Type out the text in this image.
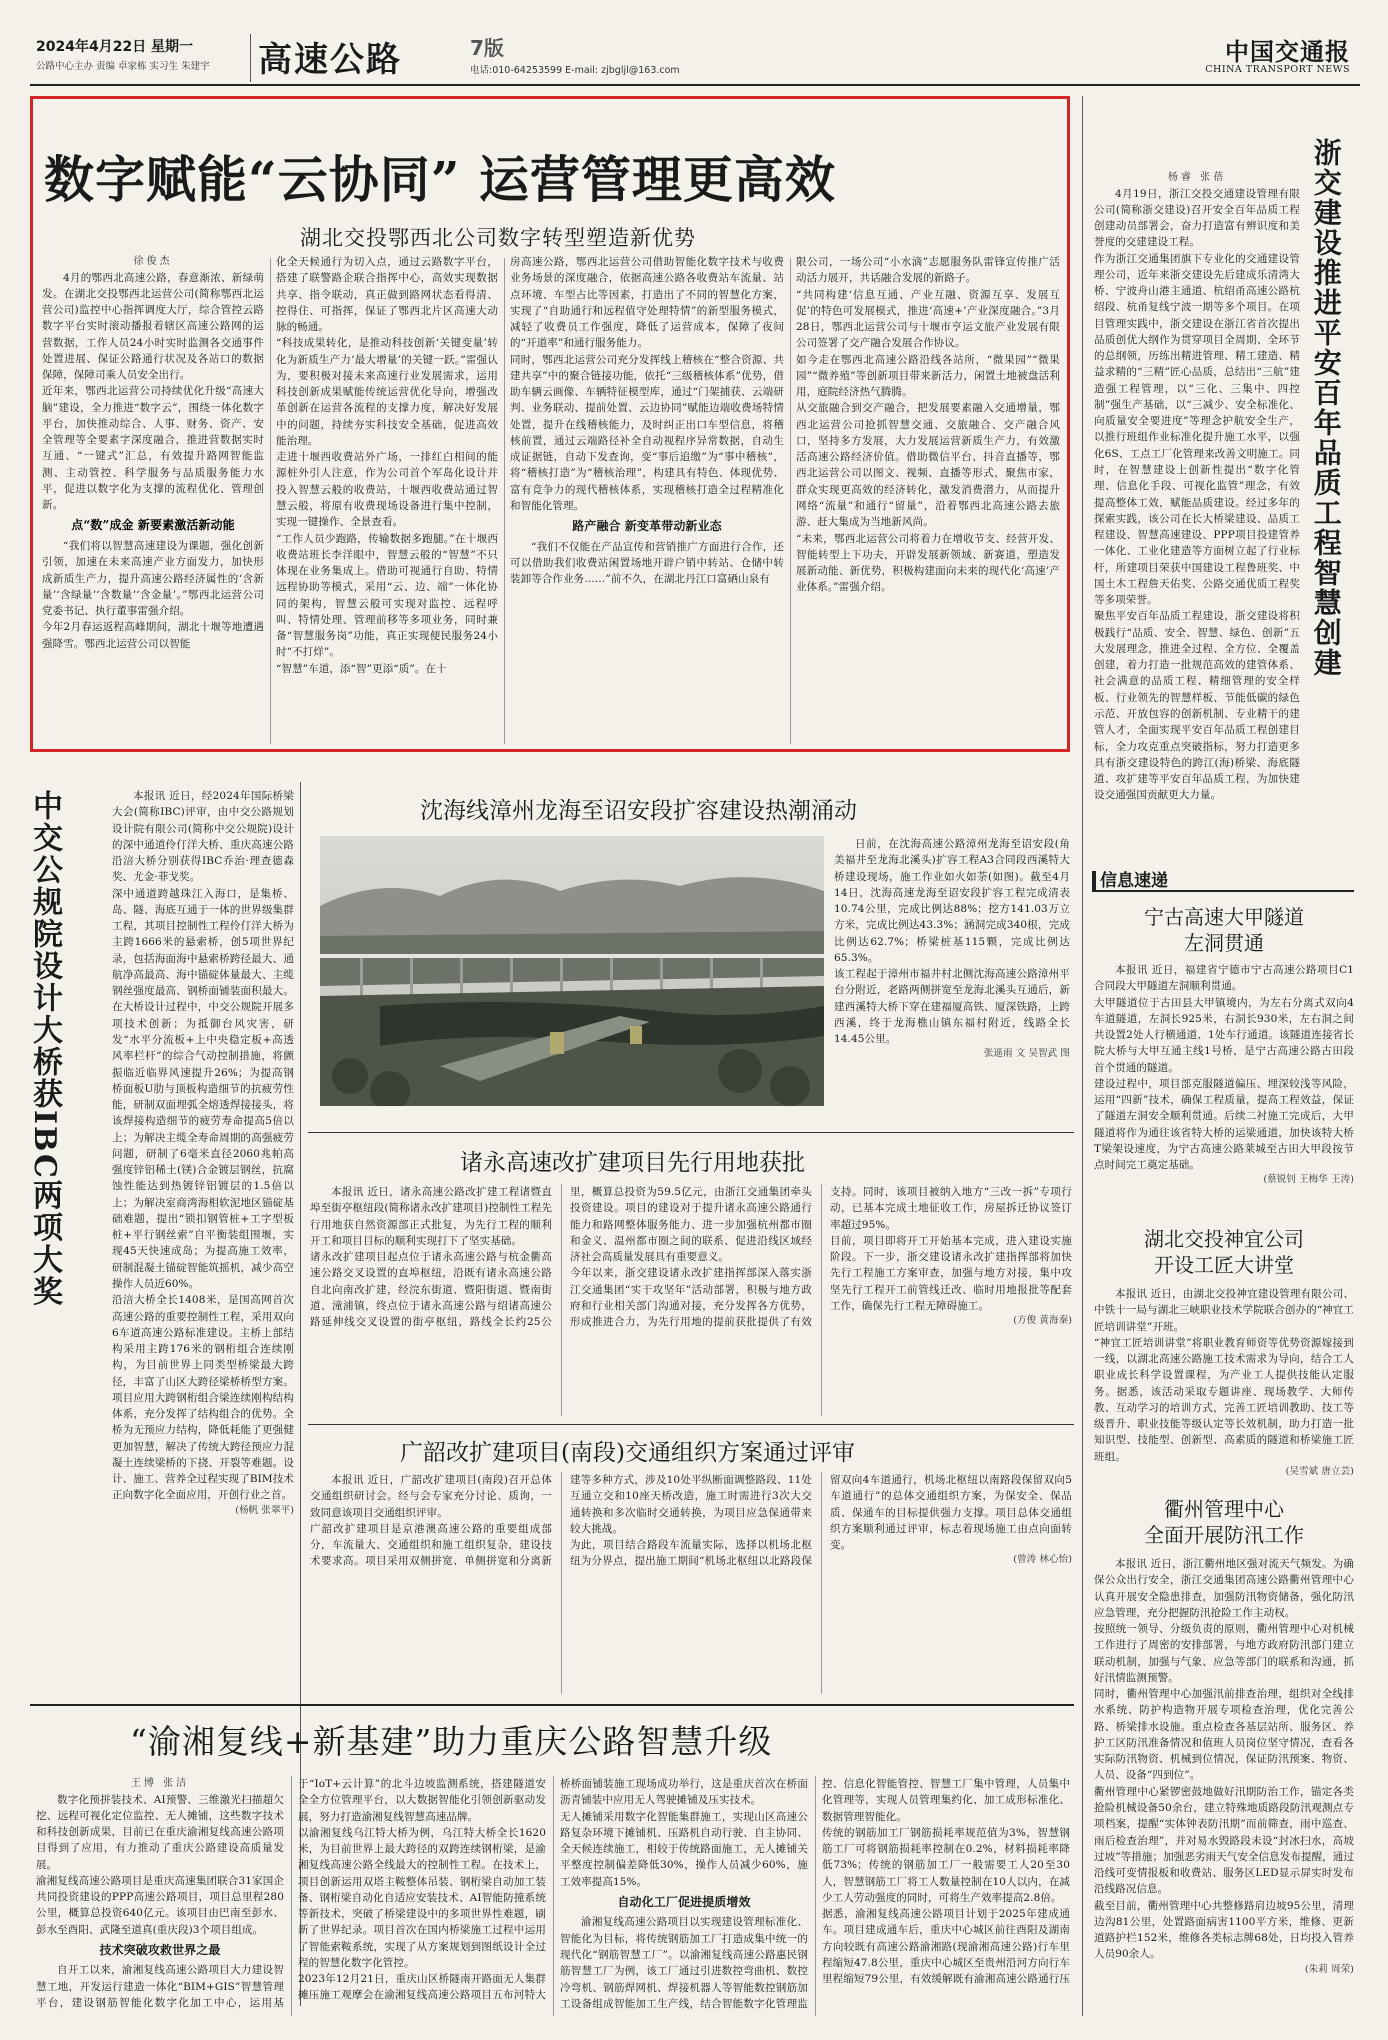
2024年4月22日 星期一
公路中心主办 责编 卓家栋 实习生 朱建宇 高速公路	7版
电话:010-64253599 E-mail: zjbgljl@163.com
中国交通报
CHINA TRANSPORT NEWS
数字赋能“云协同” 运营管理更高效
湖北交投鄂西北公司数字转型塑造新优势
徐俊杰

4月的鄂西北高速公路，春意渐浓、新绿萌发。在湖北交投鄂西北运营公司(简称鄂西北运营公司)监控中心指挥调度大厅，综合管控云路数字平台实时滚动播报着辖区高速公路网的运营数据，工作人员24小时实时监测各交通事件处置进展、保证公路通行状况及各站口的数据保障，保障司乘人员安全出行。
近年来，鄂西北运营公司持续优化升级“高速大脑”建设，全力推进“数字云”，围绕一体化数字平台，加快推动综合、人事、财务、资产、安全管理等全要素字深度融合，推进营数据实时互通、“一键式”汇总，有效提升路网智能监测、主动管控、科学服务与品质服务能力水平，促进以数字化为支撑的流程优化、管理创新。

点“数”成金 新要素激活新动能

“我们将以智慧高速建设为课题，强化创新引领，加速在未来高速产业方面发力，加快形成新质生产力，提升高速公路经济属性的‘含新量’‘含绿量’‘含数量’‘含金量’。”鄂西北运营公司党委书记、执行董事雷强介绍。
今年2月春运返程高峰期间，湖北十堰等地遭遇强降雪。鄂西北运营公司以智能

化全天候通行为切入点，通过云路数字平台，搭建了联警路企联合指挥中心，高效实现数据共享、指令联动，真正做到路网状态看得清、控得住、可指挥，保证了鄂西北片区高速大动脉的畅通。
“科技成果转化，是推动科技创新‘关键变量’转化为新质生产力‘最大增量’的关键一跃。”雷强认为，要积极对接未来高速行业发展需求，运用科技创新成果赋能传统运营优化导向，增强改革创新在运营各流程的支撑力度，解决好发展中的问题，持续夯实科技安全基础，促进高效能治理。
走进十堰西收费站外广场，一排红白相间的能源桩外引人注意，作为公司首个军岛化设计并投入智慧云般的收费站，十堰西收费站通过智慧云般，将原有收费现场设备进行集中控制，实现一键操作、全景查看。
“工作人员少跑路，传输数据多跑腿。”在十堰西收费站班长李洋眼中，智慧云般的“智慧”不只体现在业务集成上。借助可视通行自助、特情远程协助等模式，采用“云、边、端”一体化协同的架构，智慧云般可实现对监控、远程呼叫、特情处理、管理前移等多项业务，同时兼备“智慧服务岗”功能，真正实现便民服务24小时“不打烊”。
“智慧”车道，添“智”更添“质”。在十

房高速公路，鄂西北运营公司借助智能化数字技术与收费业务场景的深度融合，依据高速公路各收费站车流量、站点环境、车型占比等因素，打造出了不同的智慧化方案，实现了“自助通行和远程值守处理特情”的新型服务模式，减轻了收费员工作强度，降低了运营成本，保障了夜间的“开道率”和通行服务能力。
同时，鄂西北运营公司充分发挥线上稽核在“整合资源、共建共享”中的聚合链接功能，依托“三级稽核体系”优势，借助车辆云画像、车辆特征模型库，通过“门架捕获、云端研判、业务联动、提前处置、云边协同”赋能边端收费场特情处置，提升在线稽核能力，及时纠正出口车型信息，将稽核前置，通过云端路径补全自动视程序异常数据，自动生成证据链，自动下发查询，变“事后追缴”为“事中稽核”，将“稽核打造”为“稽核治理”，构建具有特色、体现优势、富有竞争力的现代稽核体系，实现稽核打造全过程精准化和智能化管理。

路产融合 新变革带动新业态

“我们不仅能在产品宣传和营销推广方面进行合作，还可以借助我们收费站闲置场地开辟户销中转站、仓储中转装卸等合作业务……”前不久，在湖北丹江口富硒山泉有

限公司，一场公司“小水滴”志愿服务队雷锋宣传推广活动活力展开，共话融合发展的新路子。
“共同构建‘信息互通、产业互融、资源互享、发展互促’的特色可发展模式，推进‘高速+’产业深度融合。”3月28日，鄂西北运营公司与十堰市亨运文旅产业发展有限公司签署了交产融合发展合作协议。
如今走在鄂西北高速公路沿线各站所，“微果园”“微果园”“微养殖”等创新项目带来新活力，闲置土地被盘活利用，庭院经济热气腾腾。
从交旅融合到交产融合，把发展要素融入交通增量，鄂西北运营公司抢抓智慧交通、交旅融合、交产融合风口，坚持多方发展，大力发展运营新质生产力，有效激活高速公路经济价值。借助微信平台、抖音直播等，鄂西北运营公司以图文、视频、直播等形式，聚焦市家，群众实现更高效的经济转化，激发消费潜力，从而提升网络“流量”和通行“留量”，沿着鄂西北高速公路去旅游、赶大集成为当地新风尚。
“未来，鄂西北运营公司将着力在增收节支、经营开发、智能转型上下功夫，开辟发展新领域、新赛道，塑造发展新动能、新优势，积极构建面向未来的现代化‘高速’产业体系。”雷强介绍。	浙交建设推进平安百年品质工程智慧创建
杨睿 张蓓

4月19日，浙江交投交通建设管理有限公司(简称浙交建设)召开安全百年品质工程创建动员部署会，奋力打造富有辨识度和美誉度的交建建设工程。
作为浙江交通集团旗下专业化的交通建设管理公司，近年来浙交建设先后建成乐清湾大桥、宁波舟山港主通道、杭绍甬高速公路杭绍段、杭甬复线宁波一期等多个项目。在项目管理实践中，浙交建设在浙江省首次提出品质创优大纲作为贯穿项目全周期、全环节的总纲领，历练出精进管理、精工建造、精益求精的“三精”匠心品质，总结出“三航”建造强工程管理，以“三化、三集中、四控制”强生产基础，以“三减少、安全标准化、向质量安全要进度”等理念护航安全生产，以推行班组作业标准化提升施工水平，以强化6S、工点工厂化管理来改善文明施工。同时，在智慧建设上创新性提出“数字化管理、信息化手段、可视化监管”理念，有效提高整体工效，赋能品质建设。经过多年的探索实践，该公司在长大桥梁建设、品质工程建设、智慧高速建设、PPP项目投建管养一体化、工业化建造等方面树立起了行业标杆，所建项目荣获中国建设工程鲁班奖、中国土木工程詹天佑奖、公路交通优质工程奖等多项荣誉。
聚焦平安百年品质工程建设，浙交建设将积极践行“品质、安全、智慧、绿色、创新”五大发展理念，推进全过程、全方位、全覆盖创建，着力打造一批规范高效的建管体系、社会满意的品质工程、精细管理的安全样板、行业领先的智慧样板、节能低碳的绿色示范、开放包容的创新机制、专业精干的建管人才，全面实现平安百年品质工程创建目标，全力攻克重点突破指标，努力打造更多具有浙交建设特色的跨江(海)桥梁、海底隧道、攻扩建等平安百年品质工程，为加快建设交通强国贡献更大力量。

信息速递
宁古高速大甲隧道
左洞贯通

本报讯 近日，福建省宁德市宁古高速公路项目C1合同段大甲隧道左洞顺利贯通。
大甲隧道位于古田县大甲镇境内，为左右分离式双向4车道隧道，左洞长925米，右洞长930米，左右洞之间共设置2处人行横通道、1处车行通道。该隧道连接省长院大桥与大甲互通主线1号桥，是宁古高速公路古田段首个贯通的隧道。
建设过程中，项目部克服隧道偏压、埋深较浅等风险，运用“四新”技术，确保工程质量，提高工程效益，保证了隧道左洞安全顺利贯通。后续二衬施工完成后，大甲隧道将作为通往该省特大桥的运梁通道，加快该特大桥T梁架设速度，为宁古高速公路莱城至古田大甲段按节点时间完工奠定基础。

(蔡锐钊 王梅华 王涛)
湖北交投神宜公司
开设工匠大讲堂

本报讯 近日，由湖北交投神宜建设管理有限公司、中铁十一局与湖北三峡职业技术学院联合创办的“神宜工匠培训讲堂”开班。
“神宜工匠培训讲堂”将职业教育师资等优势资源嫁接到一线，以湖北高速公路施工技术需求为导向，结合工人职业成长科学设置课程，为产业工人提供技能认定服务。据悉，该活动采取专题讲座、现场教学、大师传教、互动学习的培训方式，完善工匠培训教助、技工等级晋升、职业技能等级认定等长效机制，助力打造一批知识型、技能型、创新型、高素质的隧道和桥梁施工匠班组。

(吴雪斌 唐立芸)
衢州管理中心
全面开展防汛工作

本报讯 近日，浙江衢州地区强对流天气频发。为确保公众出行安全，浙江交通集团高速公路衢州管理中心认真开展安全隐患排查，加强防汛物资储备，强化防汛应急管理，充分把握防汛抢险工作主动权。
按照统一领导、分级负责的原则，衢州管理中心对机械工作进行了周密的安排部署，与地方政府防汛部门建立联动机制，加强与气象、应急等部门的联系和沟通，抓好汛情监测预警。
同时，衢州管理中心加强汛前排查治理，组织对全线排水系统、防护构造物开展专项检查治理，优化完善公路、桥梁排水设施。重点检查各基层站所、服务区、养护工区防汛准备情况和值班人员岗位坚守情况，查看各实际防汛物资、机械到位情况，保证防汛预案、物资、人员、设备“四到位”。
衢州管理中心紧锣密鼓地做好汛期防治工作，锚定各类抢险机械设备50余台，建立特殊地质路段防汛观测点专项档案，提醒“实体钟表防汛期”而前筛查，雨中巡查、雨后检查治理”，并对易水毁路段未设“封冰扫水，高坡过坡”等措施；加强恶劣雨天气安全信息发布提醒，通过沿线可变情报板和收费站、服务区LED显示屏实时发布沿线路况信息。
截至目前，衢州管理中心共整修路肩边坡95公里，清理边沟81公里，处置路面病害1100平方米，维修、更新道路护栏152米，维修各类标志牌68处，日均投入管养人员90余人。

(朱莉 周荣)
中交公规院设计大桥获IBC两项大奖	本报讯 近日，经2024年国际桥梁大会(简称IBC)评审，由中交公路规划设计院有限公司(简称中交公规院)设计的深中通道伶仃洋大桥、重庆高速公路沿涪大桥分别获得IBC乔治·理查德森奖、尤金·菲戈奖。
深中通道跨越珠江入海口，是集桥、岛、隧、海底互通于一体的世界级集群工程，其项目控制性工程伶仃洋大桥为主跨1666米的悬索桥，创5项世界纪录，包括海面海中悬索桥跨径最大、通航净高最高、海中锚碇体量最大、主缆钢丝强度最高、钢桥面铺装面积最大。在大桥设计过程中，中交公规院开展多项技术创新；为抵御台风灾害，研发“水平分流板+上中央稳定板+高透风率栏杆”的综合气动控制措施，将颤振临近临界风速提升26%；为提高钢桥面板U肋与顶板构造细节的抗疲劳性能，研制双面埋弧全熔透焊接接头，将该焊接构造细节的疲劳寿命提高5倍以上；为解决主缆全寿命周期的高强疲劳问题，研制了6毫米直径2060兆帕高强度锌铝稀土(镁)合金镀层钢丝，抗腐蚀性能达到热镀锌铝镀层的1.5倍以上；为解决室商湾海相软泥地区锚碇基础难题，提出“锁扣钢管桩+工字型板桩+平行钢丝索”自平衡装组围堰，实现45天快速成岛；为提高施工效率，研制混凝土锚碇智能筑摇机，减少高空操作人员近60%。
沿涪大桥全长1408米，是国高网首次高速公路的重要控制性工程，采用双向6车道高速公路标准建设。主桥上部结构采用主跨176米的钢桁组合连续刚构，为目前世界上同类型桥梁最大跨径，丰富了山区大跨径梁桥桥型方案。项目应用大跨钢桁组合梁连续刚构结构体系，充分发挥了结构组合的优势。全桥为无预应力结构，降低耗能了更强健更加智慧，解决了传统大跨径预应力混凝土连续梁桥的下挠、开裂等难题。设计、施工、营养全过程实现了BIM技术正向数字化全面应用，开创行业之首。

(杨帆 张翠平)
沈海线漳州龙海至诏安段扩容建设热潮涌动

日前，在沈海高速公路漳州龙海至诏安段(角美福井至龙海北溪头)扩容工程A3合同段西溪特大桥建设现场，施工作业如火如荼(如图)。截至4月14日，沈海高速龙海至诏安段扩容工程完成清表10.74公里，完成比例达88%；挖方141.03万立方米，完成比例达43.3%；涵洞完成340根，完成比例达62.7%；桥梁桩基115颗，完成比例达65.3%。
该工程起于漳州市福井村北侧沈海高速公路漳州平台分附近，老路两侧拼宽至龙海北溪头互通后，新建西溪特大桥下穿在建福厦高铁、厦深铁路，上跨西溪，终于龙海樵山镇东福村附近，线路全长14.45公里。

张遥雨 文 吴智武 图
诸永高速改扩建项目先行用地获批

本报讯 近日，诸永高速公路改扩建工程诸暨直埠至街亭枢纽段(简称诸永改扩建项目)控制性工程先行用地获自然资源部正式批复，为先行工程的顺利开工和项目目标的顺利实现打下了坚实基础。
诸永改扩建项目起点位于诸永高速公路与杭金衢高速公路交叉设置的直埠枢纽，沿既有诸永高速公路自北向南改扩建，经浣东街道、暨阳街道、暨南街道、潼浦镇，终点位于诸永高速公路与绍诸高速公路延伸线交叉设置的街亭枢纽，路线全长约25公里，概算总投资为59.5亿元，由浙江交通集团牵头投资建设。项目的建设对于提升诸永高速公路通行能力和路网整体服务能力、进一步加强杭州都市圈和金义、温州都市圈之间的联系、促进沿线区域经济社会高质量发展具有重要意义。
今年以来，浙交建设诸永改扩建指挥部深入落实浙江交通集团“实干攻坚年”活动部署，积极与地方政府和行业相关部门沟通对接，充分发挥各方优势，形成推进合力，为先行用地的提前获批提供了有效支持。同时，该项目被纳入地方“三改一拆”专项行动，已基本完成土地征收工作，房屋拆迁协议签订率超过95%。
目前，项目即将开工开始基本完成，进入建设实施阶段。下一步，浙交建设诸永改扩建指挥部将加快先行工程施工方案审查，加强与地方对接，集中攻坚先行工程开工前管线迁改、临时用地报批等配套工作，确保先行工程无障碍施工。

(方俊 黄海秦)
广韶改扩建项目(南段)交通组织方案通过评审

本报讯 近日，广韶改扩建项目(南段)召开总体交通组织研讨会。经与会专家充分讨论、质询，一致同意该项目交通组织评审。
广韶改扩建项目是京港澳高速公路的重要组成部分，车流量大、交通组织和施工组织复杂，建设技术要求高。项目采用双侧拼宽、单侧拼宽和分离新建等多种方式，涉及10处平纵断面调整路段、11处互通立交和10座天桥改造，施工时需进行3次大交通转换和多次临时交通转换，为项目应急保通带来较大挑战。
为此，项目结合路段车流量实际，选择以机场北枢纽为分界点，提出施工期间“机场北枢纽以北路段保留双向4车道通行，机场北枢纽以南路段保留双向5车道通行”的总体交通组织方案，为保安全、保品质、保通车的目标提供强力支撑。项目总体交通组织方案顺利通过评审，标志着现场施工由点向面转变。

(曾涛 林心怡)
“渝湘复线+新基建”助力重庆公路智慧升级
王博 张洁

数字化预拼装技术、AI预警、三维激光扫描超欠挖、远程可视化定位监控、无人摊铺，这些数字技术和科技创新成果，目前已在重庆渝湘复线高速公路项目得到了应用，有力推动了重庆公路建设高质量发展。
渝湘复线高速公路项目是重庆高速集团联合31家国企共同投资建设的PPP高速公路项目，项目总里程280公里，概算总投资640亿元。该项目由巴南至彭水、彭水至酉阳、武隆至道真(重庆段)3个项目组成。

技术突破攻救世界之最

自开工以来，渝湘复线高速公路项目大力建设智慧工地，开发运行建造一体化“BIM+GIS”智慧管理平台，建设钢筋智能化数字化加工中心，运用基于“IoT+云计算”的北斗边坡监测系统，搭建隧道安全全方位管理平台，以大数据智能化引领创新驱动发展，努力打造渝湘复线智慧高速品牌。
以渝湘复线乌江特大桥为例，乌江特大桥全长1620米，为目前世界上最大跨径的双跨连续钢桁梁，是渝湘复线高速公路全线最大的控制性工程。在技术上，项目创新运用双塔主鞍整体吊装、钢桁梁自动加工装备、钢桁梁自动化自适应安装技术、AI智能防撞系统等新技术，突破了桥梁建设中的多项世界性难题，刷新了世界纪录。项目首次在国内桥梁施工过程中运用了智能索鞍系统，实现了从方案规划到图纸设计全过程的智慧化数字化管控。
2023年12月21日，重庆山区桥隧南开路面无人集群摊压施工观摩会在渝湘复线高速公路项目五布河特大桥桥面铺装施工现场成功举行，这是重庆首次在桥面沥青铺装中应用无人驾驶摊铺及压实技术。
无人摊铺采用数字化智能集群施工，实现山区高速公路复杂环境下摊铺机、压路机自动行驶、自主协同、全天候连续施工，相较于传统路面施工，无人摊铺关平整度控制偏差降低30%，操作人员减少60%，施工效率提高15%。

自动化工厂促进提质增效

渝湘复线高速公路项目以实现建设管理标准化、智能化为目标，将传统钢筋加工厂打造成集中统一的现代化“钢筋智慧工厂”。以渝湘复线高速公路惠民钢筋智慧工厂为例，该工厂通过引进数控弯曲机、数控冷弯机、钢筋焊网机、焊接机器人等智能数控钢筋加工设备组成智能加工生产线，结合智能数字化管理监控、信息化智能管控、智慧工厂集中管理，人员集中化管理等，实现人员管理集约化、加工成形标准化、数据管理智能化。
传统的钢筋加工厂钢筋损耗率规范值为3%，智慧钢筋工厂可将钢筋损耗率控制在0.2%，材料损耗率降低73%；传统的钢筋加工厂一般需要工人20至30人，智慧钢筋工厂将工人数量控制在10人以内，在减少工人劳动强度的同时，可将生产效率提高2.8倍。
据悉，渝湘复线高速公路项目计划于2025年建成通车。项目建成通车后，重庆中心城区前往酉阳及湖南方向较既有高速公路渝湘路(现渝湘高速公路)行车里程缩短47.8公里，重庆中心城区至贵州沿河方向行车里程缩短79公里，有效缓解既有渝湘高速公路通行压
